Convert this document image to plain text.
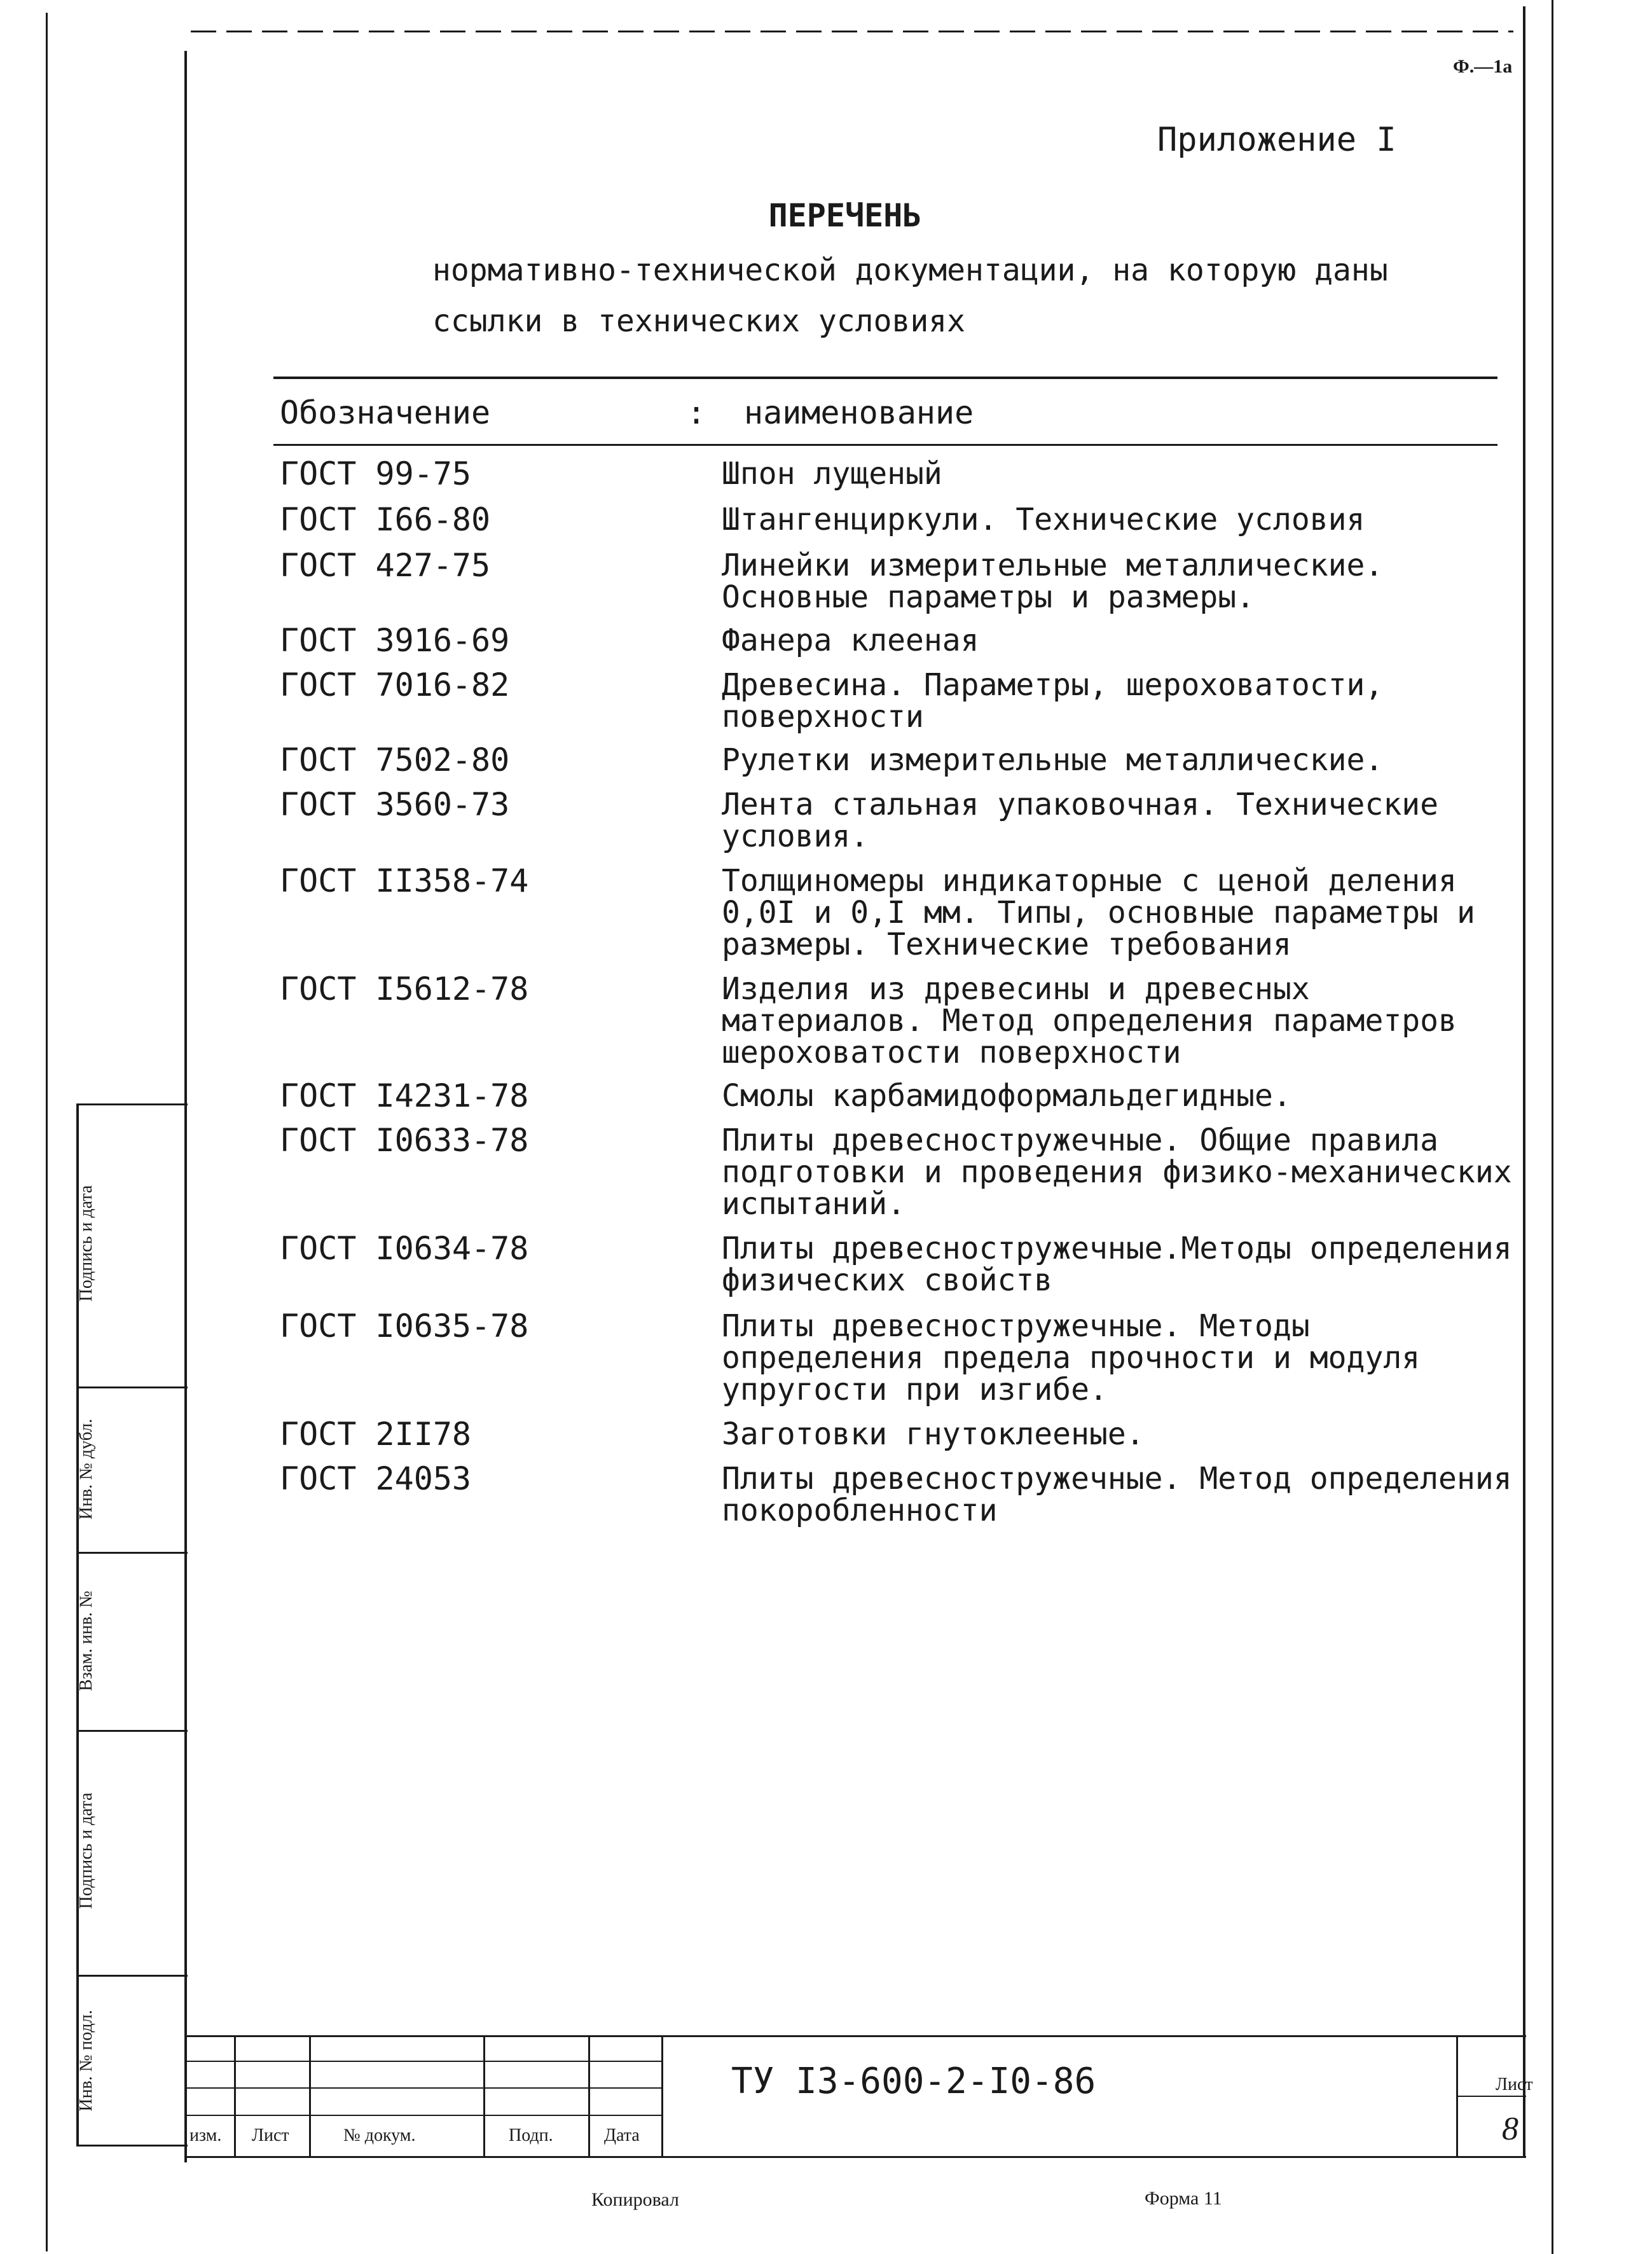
Ф.—1а
Приложение I
ПЕРЕЧЕНЬ
нормативно-технической документации, на которую даны
ссылки в технических условиях
Обозначение	: наименование
ГОСТ 99-75	Шпон лущеный
ГОСТ I66-80	Штангенциркули. Технические условия
ГОСТ 427-75	Линейки измерительные металлические. Основные параметры и размеры.
ГОСТ 3916-69	Фанера клееная
ГОСТ 7016-82	Древесина. Параметры, шероховатости, поверхности
ГОСТ 7502-80	Рулетки измерительные металлические.
ГОСТ 3560-73	Лента стальная упаковочная. Технические условия.
ГОСТ II358-74	Толщиномеры индикаторные с ценой деления 0,0I и 0,I мм. Типы, основные параметры и размеры. Технические требования
ГОСТ I5612-78	Изделия из древесины и древесных материалов. Метод определения параметров шероховатости поверхности
ГОСТ I4231-78	Смолы карбамидоформальдегидные.
ГОСТ I0633-78	Плиты древесностружечные. Общие правила подготовки и проведения физико-механических испытаний.
ГОСТ I0634-78	Плиты древесностружечные.Методы определения физических свойств
ГОСТ I0635-78	Плиты древесностружечные. Методы определения предела прочности и модуля упругости при изгибе.
ГОСТ 2II78	Заготовки гнутоклееные.
ГОСТ 24053	Плиты древесностружечные. Метод определения покоробленности
Подпись и дата
Инв. № дубл.
Взам. инв. №
Подпись и дата
Инв. № подл.
изм. Лист	№ докум.	Подп.	Дата
ТУ I3-600-2-I0-86	Лист
8
Копировал	Форма 11
